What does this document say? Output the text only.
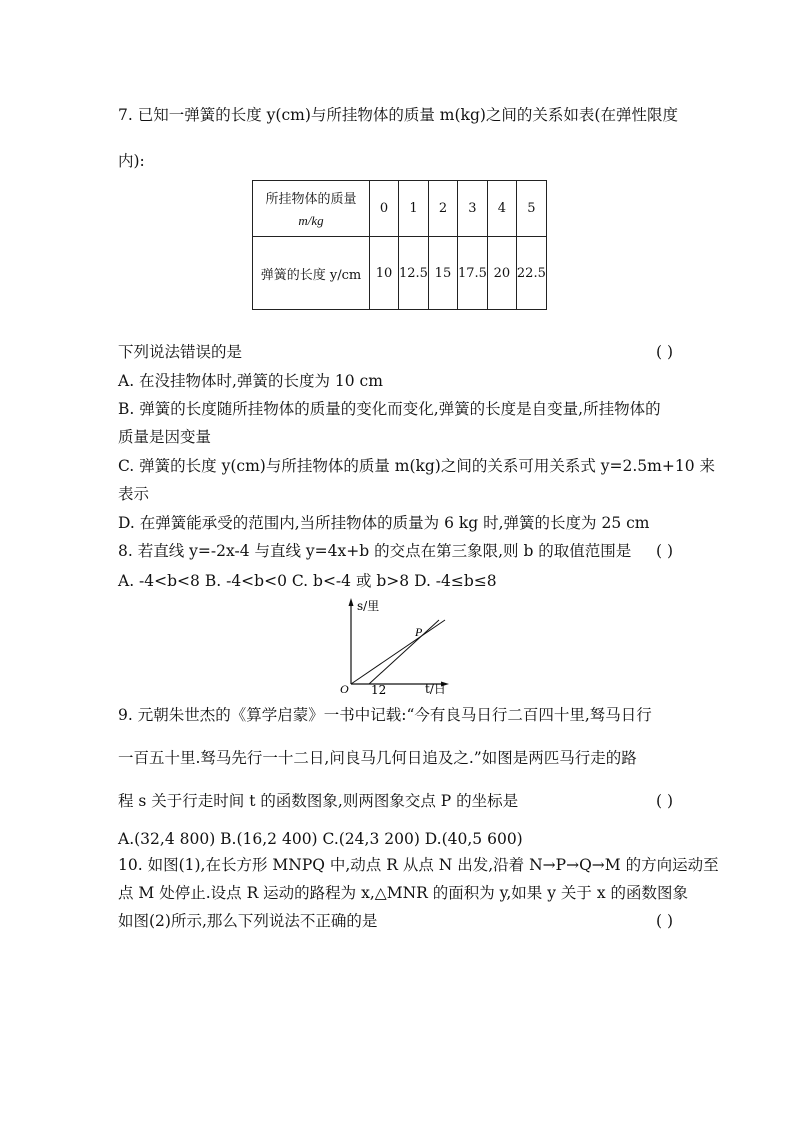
7. 已知一弹簧的长度 y(cm)与所挂物体的质量 m(kg)之间的关系如表(在弹性限度
内):
所挂物体的质量
m/kg	0	1	2	3	4	5
弹簧的长度 y/cm	10	12.5	15	17.5	20	22.5
下列说法错误的是	( )
A. 在没挂物体时,弹簧的长度为 10 cm
B. 弹簧的长度随所挂物体的质量的变化而变化,弹簧的长度是自变量,所挂物体的
质量是因变量
C. 弹簧的长度 y(cm)与所挂物体的质量 m(kg)之间的关系可用关系式 y=2.5m+10 来
表示
D. 在弹簧能承受的范围内,当所挂物体的质量为 6 kg 时,弹簧的长度为 25 cm
8. 若直线 y=-2x-4 与直线 y=4x+b 的交点在第三象限,则 b 的取值范围是 ( )
A. -4<b<8 B. -4<b<0 C. b<-4 或 b>8 D. -4≤b≤8
s/里
t/日
O 12
P
9. 元朝朱世杰的《算学启蒙》一书中记载:“今有良马日行二百四十里,驽马日行
一百五十里.驽马先行一十二日,问良马几何日追及之.”如图是两匹马行走的路
程 s 关于行走时间 t 的函数图象,则两图象交点 P 的坐标是	( )
A.(32,4 800) B.(16,2 400) C.(24,3 200) D.(40,5 600)
10. 如图(1),在长方形 MNPQ 中,动点 R 从点 N 出发,沿着 N→P→Q→M 的方向运动至
点 M 处停止.设点 R 运动的路程为 x,△MNR 的面积为 y,如果 y 关于 x 的函数图象
如图(2)所示,那么下列说法不正确的是	( )
